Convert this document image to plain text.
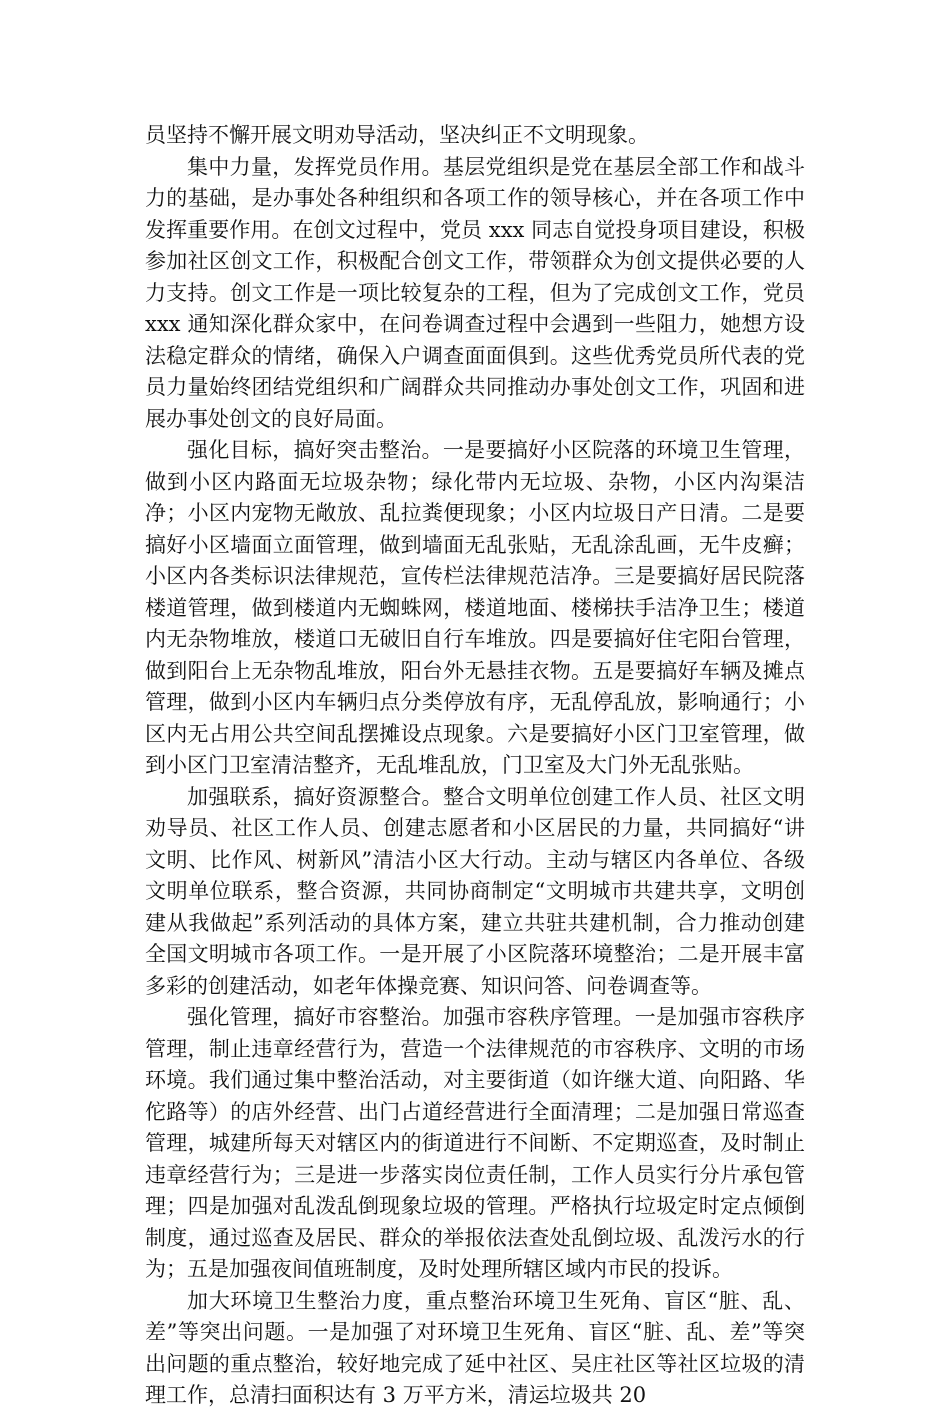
员坚持不懈开展文明劝导活动，坚决纠正不文明现象。

集中力量，发挥党员作用。基层党组织是党在基层全部工作和战斗力的基础，是办事处各种组织和各项工作的领导核心，并在各项工作中发挥重要作用。在创文过程中，党员 xxx 同志自觉投身项目建设，积极参加社区创文工作，积极配合创文工作，带领群众为创文提供必要的人力支持。创文工作是一项比较复杂的工程，但为了完成创文工作，党员 xxx 通知深化群众家中，在问卷调查过程中会遇到一些阻力，她想方设法稳定群众的情绪，确保入户调查面面俱到。这些优秀党员所代表的党员力量始终团结党组织和广阔群众共同推动办事处创文工作，巩固和进展办事处创文的良好局面。

强化目标，搞好突击整治。一是要搞好小区院落的环境卫生管理，做到小区内路面无垃圾杂物；绿化带内无垃圾、杂物，小区内沟渠洁净；小区内宠物无敞放、乱拉粪便现象；小区内垃圾日产日清。二是要搞好小区墙面立面管理，做到墙面无乱张贴，无乱涂乱画，无牛皮癣；小区内各类标识法律规范，宣传栏法律规范洁净。三是要搞好居民院落楼道管理，做到楼道内无蜘蛛网，楼道地面、楼梯扶手洁净卫生；楼道内无杂物堆放，楼道口无破旧自行车堆放。四是要搞好住宅阳台管理，做到阳台上无杂物乱堆放，阳台外无悬挂衣物。五是要搞好车辆及摊点管理，做到小区内车辆归点分类停放有序，无乱停乱放，影响通行；小区内无占用公共空间乱摆摊设点现象。六是要搞好小区门卫室管理，做到小区门卫室清洁整齐，无乱堆乱放，门卫室及大门外无乱张贴。

加强联系，搞好资源整合。整合文明单位创建工作人员、社区文明劝导员、社区工作人员、创建志愿者和小区居民的力量，共同搞好“讲文明、比作风、树新风”清洁小区大行动。主动与辖区内各单位、各级文明单位联系，整合资源，共同协商制定“文明城市共建共享，文明创建从我做起”系列活动的具体方案，建立共驻共建机制，合力推动创建全国文明城市各项工作。一是开展了小区院落环境整治；二是开展丰富多彩的创建活动，如老年体操竞赛、知识问答、问卷调查等。

强化管理，搞好市容整治。加强市容秩序管理。一是加强市容秩序管理，制止违章经营行为，营造一个法律规范的市容秩序、文明的市场环境。我们通过集中整治活动，对主要街道（如许继大道、向阳路、华佗路等）的店外经营、出门占道经营进行全面清理；二是加强日常巡查管理，城建所每天对辖区内的街道进行不间断、不定期巡查，及时制止违章经营行为；三是进一步落实岗位责任制，工作人员实行分片承包管理；四是加强对乱泼乱倒现象垃圾的管理。严格执行垃圾定时定点倾倒制度，通过巡查及居民、群众的举报依法查处乱倒垃圾、乱泼污水的行为；五是加强夜间值班制度，及时处理所辖区域内市民的投诉。

加大环境卫生整治力度，重点整治环境卫生死角、盲区“脏、乱、差”等突出问题。一是加强了对环境卫生死角、盲区“脏、乱、差”等突出问题的重点整治，较好地完成了延中社区、吴庄社区等社区垃圾的清理工作，总清扫面积达有 3 万平方米，清运垃圾共 20
